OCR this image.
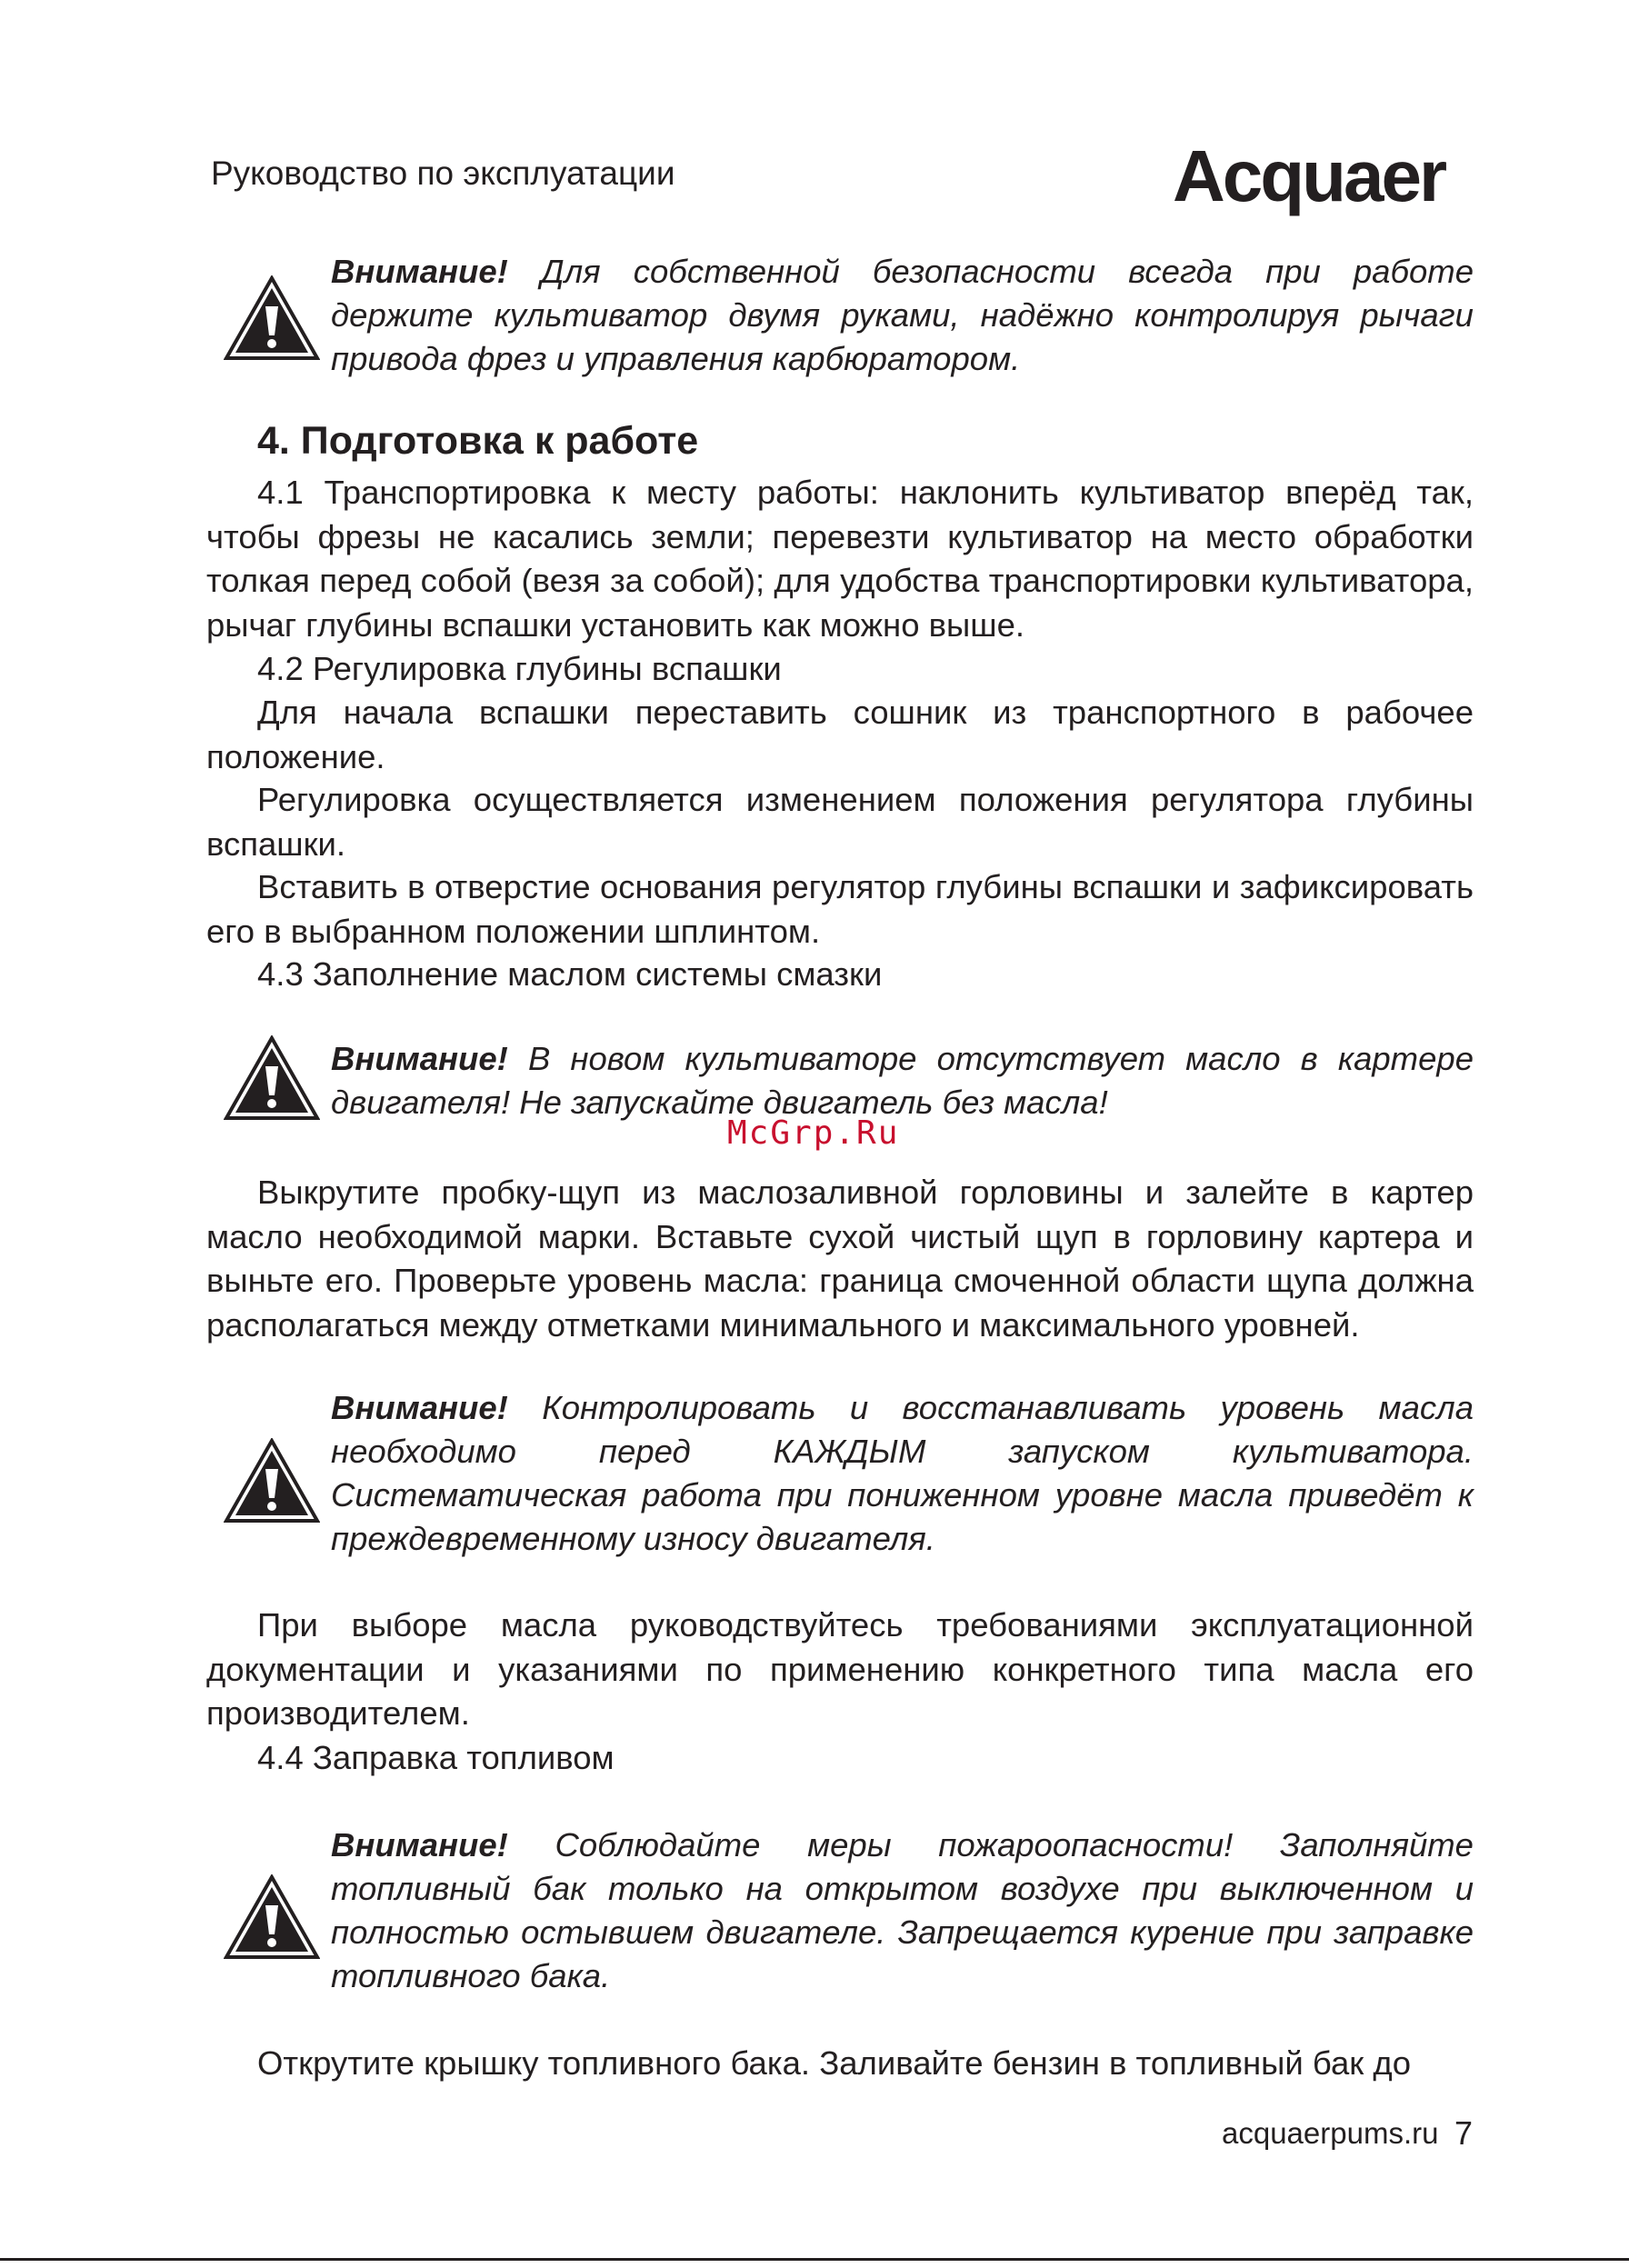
Руководство по эксплуатации	Acquaer

Внимание! Для собственной безопасности всегда при работе держите культиватор двумя руками, надёжно контролируя рычаги привода фрез и управления карбюратором.

4. Подготовка к работе

4.1 Транспортировка к месту работы: наклонить культиватор вперёд так, чтобы фрезы не касались земли; перевезти культиватор на место обработки толкая перед собой (везя за собой); для удобства транспортировки культиватора, рычаг глубины вспашки установить как можно выше.

4.2 Регулировка глубины вспашки

Для начала вспашки переставить сошник из транспортного в рабочее положение.

Регулировка осуществляется изменением положения регулятора глубины вспашки.

Вставить в отверстие основания регулятор глубины вспашки и зафиксировать его в выбранном положении шплинтом.

4.3 Заполнение маслом системы смазки

Внимание! В новом культиваторе отсутствует масло в картере двигателя! Не запускайте двигатель без масла!

McGrp.Ru

Выкрутите пробку-щуп из маслозаливной горловины и залейте в картер масло необходимой марки. Вставьте сухой чистый щуп в горловину картера и выньте его. Проверьте уровень масла: граница смоченной области щупа должна располагаться между отметками минимального и максимального уровней.

Внимание! Контролировать и восстанавливать уровень масла необходимо перед КАЖДЫМ запуском культиватора. Систематическая работа при пониженном уровне масла приведёт к преждевременному износу двигателя.

При выборе масла руководствуйтесь требованиями эксплуатационной документации и указаниями по применению конкретного типа масла его производителем.

4.4 Заправка топливом

Внимание! Соблюдайте меры пожароопасности! Заполняйте топливный бак только на открытом воздухе при выключенном и полностью остывшем двигателе. Запрещается курение при заправке топливного бака.

Открутите крышку топливного бака. Заливайте бензин в топливный бак до

acquaerpums.ru 7
